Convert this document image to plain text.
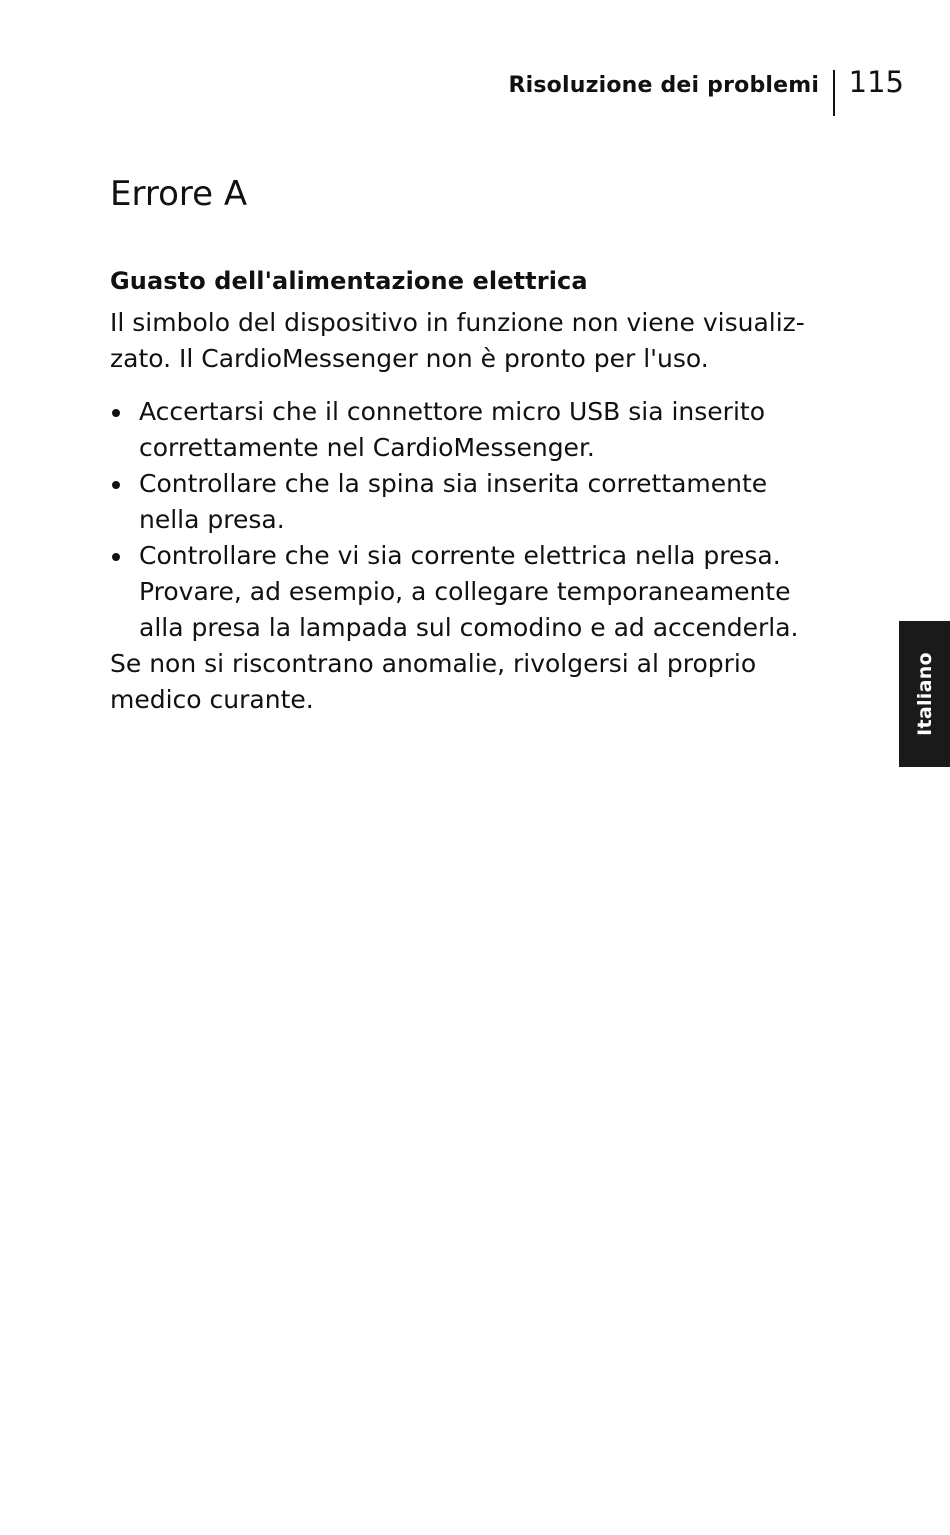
Risoluzione dei problemi 115
Errore A
Guasto dell'alimentazione elettrica

Il simbolo del dispositivo in funzione non viene visualiz-
zato. Il CardioMessenger non è pronto per l'uso.

Accertarsi che il connettore micro USB sia inserito
correttamente nel CardioMessenger.
Controllare che la spina sia inserita correttamente
nella presa.
Controllare che vi sia corrente elettrica nella presa.
Provare, ad esempio, a collegare temporaneamente
alla presa la lampada sul comodino e ad accenderla.

Se non si riscontrano anomalie, rivolgersi al proprio
medico curante.	Italiano
